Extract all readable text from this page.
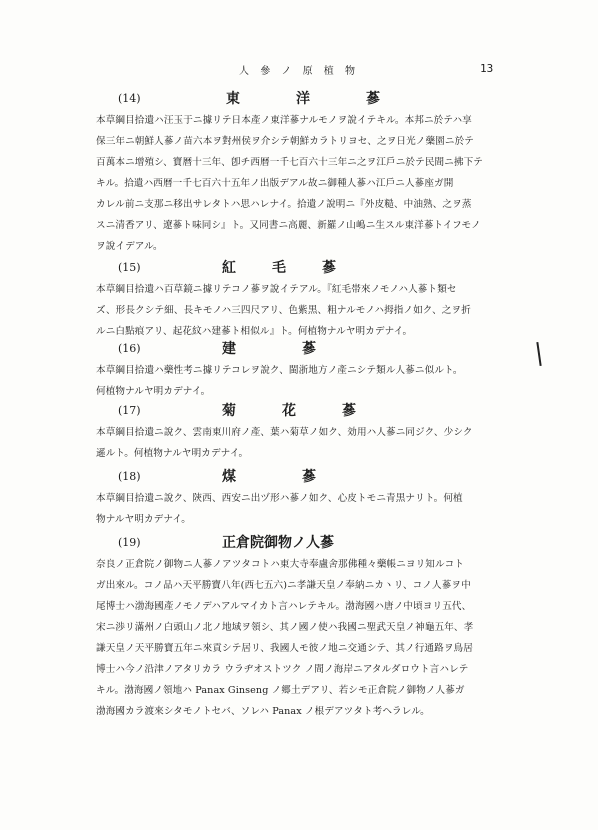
人 參 ノ 原 植 物	13
(14)	東	洋	蔘
本草綱目拾遺ハ汪玉于ニ據リテ日本產ノ東洋蔘ナルモノヲ說イテキル。本邦ニ於テハ享
保三年ニ朝鮮人蔘ノ苗六本ヲ對州侯ヲ介シテ朝鮮カラトリヨセ、之ヲ日光ノ藥園ニ於テ
百萬本ニ增殖シ、寶暦十三年、卽チ西暦一千七百六十三年ニ之ヲ江戶ニ於テ民間ニ拂下テ
キル。拾遺ハ西暦一千七百六十五年ノ出版デアル故ニ御種人蔘ハ江戶ニ人蔘座ガ開
カレル前ニ支那ニ移出サレタトハ思ハレナイ。拾遺ノ說明ニ『外皮糙、中油熟、之ヲ蒸
スニ清香アリ、遼蔘ト味同シ』ト。又同書ニ高麗、新羅ノ山嶋ニ生スル東洋蔘トイフモノ
ヲ說イデアル。
(15)	紅	毛	蔘
本草綱目拾遺ハ百草鏡ニ據リテコノ蔘ヲ說イテアル。『紅毛帯來ノモノハ人蔘ト類セ
ズ、形長クシテ細、長キモノハ三四尺アリ、色紫黒、粗ナルモノハ拇指ノ如ク、之ヲ折
ルニ白點痕アリ、起花紋ハ建蔘ト相似ル』ト。何植物ナルヤ明カデナイ。
(16)	建	蔘
本草綱目拾遺ハ藥性考ニ據リテコレヲ說ク、閩浙地方ノ產ニシテ類ル人蔘ニ似ルト。
何植物ナルヤ明カデナイ。
(17)	菊	花	蔘
本草綱目拾遺ニ說ク、雲南東川府ノ產、葉ハ菊草ノ如ク、効用ハ人蔘ニ同ジク、少シク
遜ルト。何植物ナルヤ明カデナイ。
(18)	煤	蔘
本草綱目拾遺ニ說ク、陝西、西安ニ出ヅ形ハ蔘ノ如ク、心皮トモニ青黒ナリト。何植
物ナルヤ明カデナイ。
(19)	正倉院御物ノ人蔘
奈良ノ正倉院ノ御物ニ人蔘ノアツタコトハ東大寺奉盧舍那佛種々藥帳ニヨリ知ルコト
ガ出來ル。コノ品ハ天平勝寶八年(西七五六)ニ孝謙天皇ノ奉納ニカヽリ、コノ人蔘ヲ中
尾博士ハ渤海國產ノモノデハアルマイカト言ハレテキル。渤海國ハ唐ノ中頃ヨリ五代、
宋ニ渉リ滿州ノ白頭山ノ北ノ地域ヲ領シ、其ノ國ノ使ハ我國ニ聖武天皇ノ神龜五年、孝
謙天皇ノ天平勝寶五年ニ來貢シテ居リ、我國人モ彼ノ地ニ交通シテ、其ノ行通路ヲ鳥居
博士ハ今ノ沿津ノアタリカラ ウラヂオストツク ノ間ノ海岸ニアタルダロウト言ハレテ
キル。渤海國ノ領地ハ Panax Ginseng ノ郷土デアリ、若シモ正倉院ノ御物ノ人蔘ガ
渤海國カラ渡來シタモノトセバ、ソレハ Panax ノ根デアツタト考ヘラレル。
